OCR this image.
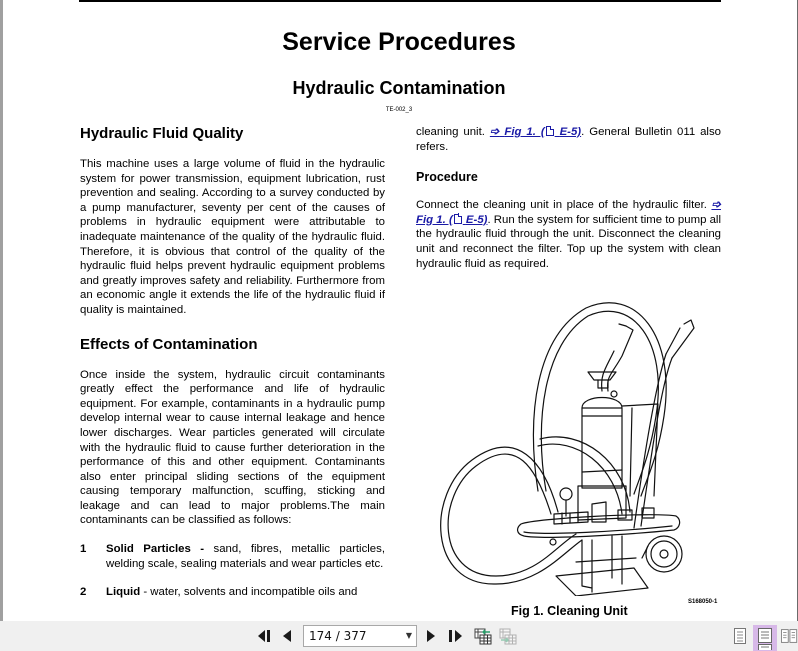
Service Procedures
Hydraulic Contamination
TE-002_3
Hydraulic Fluid Quality

This machine uses a large volume of fluid in the hydraulic system for power transmission, equipment lubrication, rust prevention and sealing. According to a survey conducted by a pump manufacturer, seventy per cent of the causes of problems in hydraulic equipment were attributable to inadequate maintenance of the quality of the hydraulic fluid. Therefore, it is obvious that control of the quality of the hydraulic fluid helps prevent hydraulic equipment problems and greatly improves safety and reliability. Furthermore from an economic angle it extends the life of the hydraulic fluid if quality is maintained.

Effects of Contamination

Once inside the system, hydraulic circuit contaminants greatly effect the performance and life of hydraulic equipment. For example, contaminants in a hydraulic pump develop internal wear to cause internal leakage and hence lower discharges. Wear particles generated will circulate with the hydraulic fluid to cause further deterioration in the performance of this and other equipment. Contaminants also enter principal sliding sections of the equipment causing temporary malfunction, scuffing, sticking and leakage and can lead to major problems.The main contaminants can be classified as follows:

1	Solid Particles - sand, fibres, metallic particles, welding scale, sealing materials and wear particles etc.
2	Liquid - water, solvents and incompatible oils and

cleaning unit. ➩ Fig 1. ( E-5). General Bulletin 011 also refers.

Procedure

Connect the cleaning unit in place of the hydraulic filter. ➩ Fig 1. ( E-5). Run the system for sufficient time to pump all the hydraulic fluid through the unit. Disconnect the cleaning unit and reconnect the filter. Top up the system with clean hydraulic fluid as required.

S168050-1
Fig 1. Cleaning Unit
174 / 377	▼
